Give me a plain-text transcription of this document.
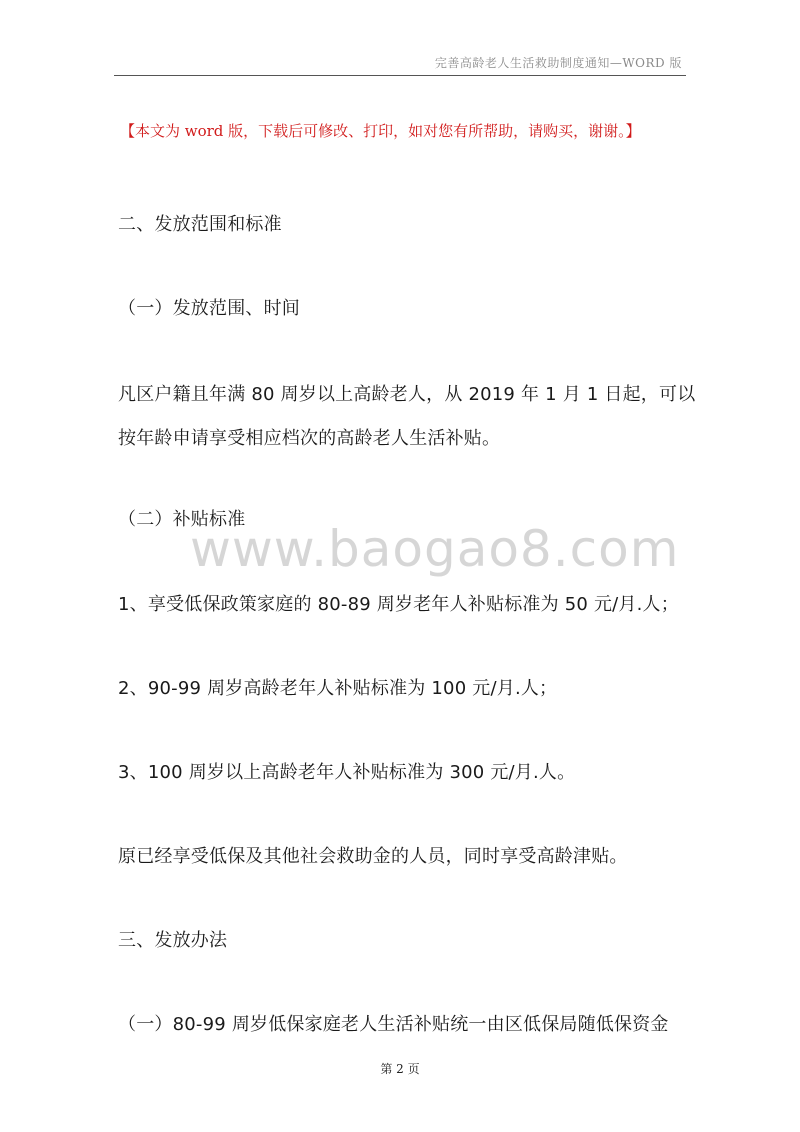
完善高龄老人生活救助制度通知—WORD 版
【本文为 word 版，下载后可修改、打印，如对您有所帮助，请购买，谢谢。】
www.baogao8.com
二、发放范围和标准
（一）发放范围、时间
凡区户籍且年满 80 周岁以上高龄老人，从 2019 年 1 月 1 日起，可以
按年龄申请享受相应档次的高龄老人生活补贴。
（二）补贴标准
1、享受低保政策家庭的 80-89 周岁老年人补贴标准为 50 元/月.人；
2、90-99 周岁高龄老年人补贴标准为 100 元/月.人；
3、100 周岁以上高龄老年人补贴标准为 300 元/月.人。
原已经享受低保及其他社会救助金的人员，同时享受高龄津贴。
三、发放办法
（一）80-99 周岁低保家庭老人生活补贴统一由区低保局随低保资金
第 2 页
